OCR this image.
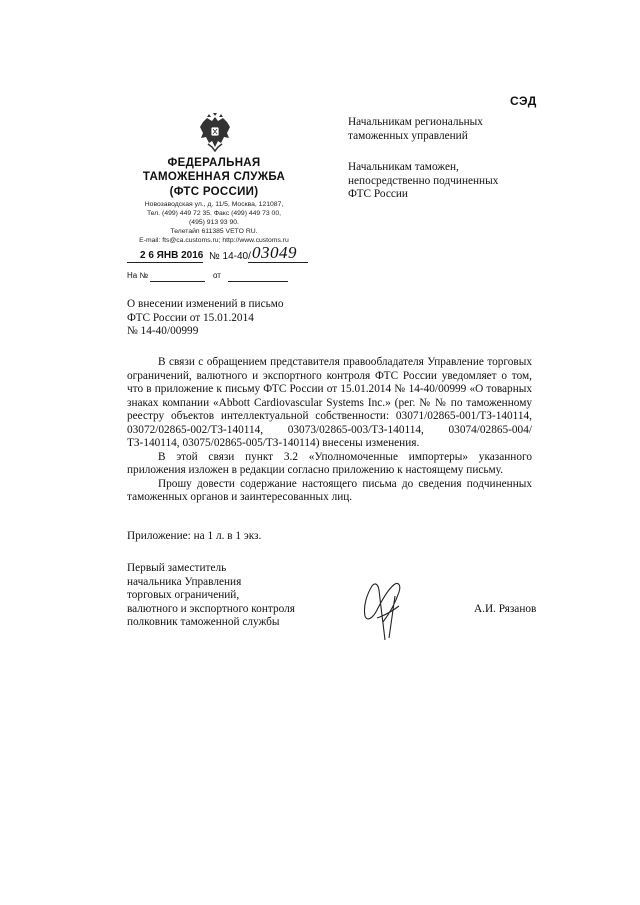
СЭД
ФЕДЕРАЛЬНАЯ
ТАМОЖЕННАЯ СЛУЖБА
(ФТС РОССИИ)
Новозаводская ул., д. 11/5, Москва, 121087,
Тел. (499) 449 72 35. Факс (499) 449 73 00,
(495) 913 93 90.
Телетайп 611385 VETO RU.
E-mail: fts@ca.customs.ru; http://www.customs.ru
2 6 ЯНВ 2016 № 14-40/ 03049
На №	от
Начальникам региональных
таможенных управлений
Начальникам таможен,
непосредственно подчиненных
ФТС России
О внесении изменений в письмо
ФТС России от 15.01.2014
№ 14-40/00999

В связи с обращением представителя правообладателя Управление торговых ограничений, валютного и экспортного контроля ФТС России уведомляет о том, что в приложение к письму ФТС России от 15.01.2014 № 14-40/00999 «О товарных знаках компании «Abbott Cardiovascular Systems Inc.» (рег. № № по таможенному реестру объектов интеллектуальной собственности: 03071/02865-001/ТЗ-140114, 03072/02865-002/ТЗ-140114, 03073/02865-003/ТЗ-140114, 03074/02865-004/ТЗ-140114, 03075/02865-005/ТЗ-140114) внесены изменения.

В этой связи пункт 3.2 «Уполномоченные импортеры» указанного приложения изложен в редакции согласно приложению к настоящему письму.

Прошу довести содержание настоящего письма до сведения подчиненных таможенных органов и заинтересованных лиц.

Приложение: на 1 л. в 1 экз.
Первый заместитель
начальника Управления
торговых ограничений,
валютного и экспортного контроля
полковник таможенной службы
А.И. Рязанов
